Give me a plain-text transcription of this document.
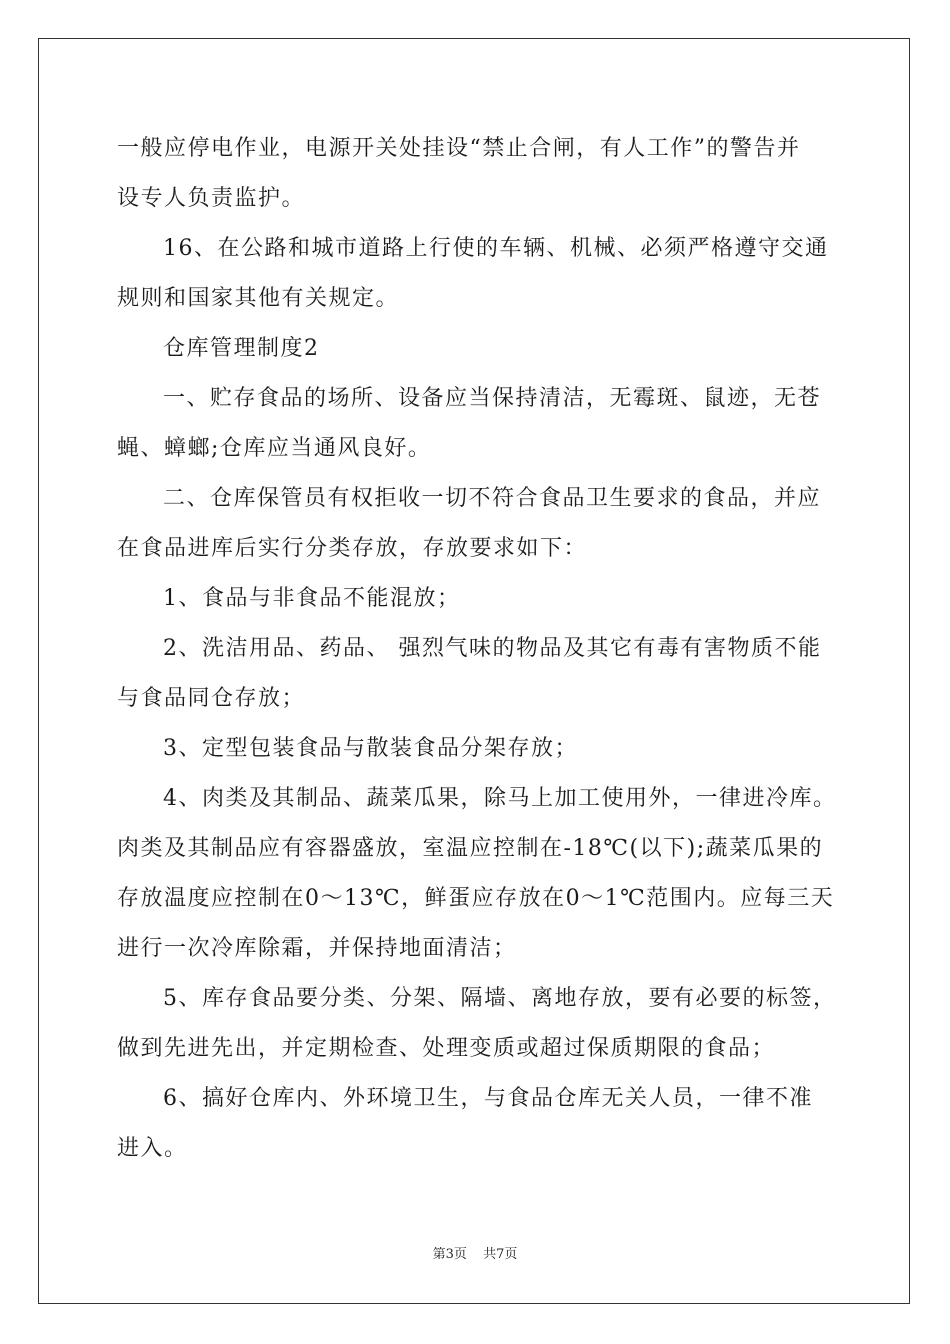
一般应停电作业，电源开关处挂设“禁止合闸，有人工作”的警告并
设专人负责监护。
16、在公路和城市道路上行使的车辆、机械、必须严格遵守交通
规则和国家其他有关规定。
仓库管理制度2
一、贮存食品的场所、设备应当保持清洁，无霉斑、鼠迹，无苍
蝇、蟑螂;仓库应当通风良好。
二、仓库保管员有权拒收一切不符合食品卫生要求的食品，并应
在食品进库后实行分类存放，存放要求如下：
1、食品与非食品不能混放；
2、洗洁用品、药品、 强烈气味的物品及其它有毒有害物质不能
与食品同仓存放；
3、定型包装食品与散装食品分架存放；
4、肉类及其制品、蔬菜瓜果，除马上加工使用外，一律进冷库。
肉类及其制品应有容器盛放，室温应控制在-18℃(以下);蔬菜瓜果的
存放温度应控制在0～13℃，鲜蛋应存放在0～1℃范围内。应每三天
进行一次冷库除霜，并保持地面清洁；
5、库存食品要分类、分架、隔墙、离地存放，要有必要的标签，
做到先进先出，并定期检查、处理变质或超过保质期限的食品；
6、搞好仓库内、外环境卫生，与食品仓库无关人员，一律不准
进入。
第3页 共7页
